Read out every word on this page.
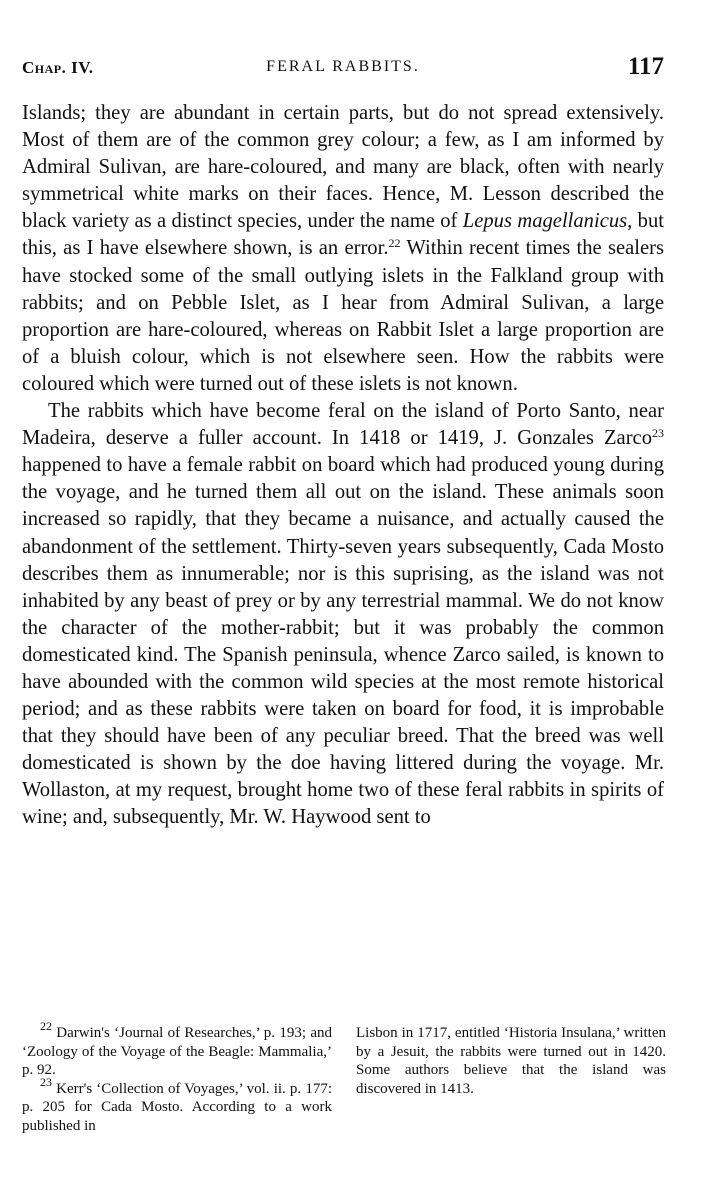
Chap. IV.	FERAL RABBITS.	117

Islands; they are abundant in certain parts, but do not spread extensively. Most of them are of the common grey colour; a few, as I am informed by Admiral Sulivan, are hare-coloured, and many are black, often with nearly symmetrical white marks on their faces. Hence, M. Lesson described the black variety as a distinct species, under the name of Lepus magellanicus, but this, as I have elsewhere shown, is an error.$^{22}$ Within recent times the sealers have stocked some of the small outlying islets in the Falkland group with rabbits; and on Pebble Islet, as I hear from Admiral Sulivan, a large proportion are hare-coloured, whereas on Rabbit Islet a large proportion are of a bluish colour, which is not elsewhere seen. How the rabbits were coloured which were turned out of these islets is not known.

The rabbits which have become feral on the island of Porto Santo, near Madeira, deserve a fuller account. In 1418 or 1419, J. Gonzales Zarco$^{23}$ happened to have a female rabbit on board which had produced young during the voyage, and he turned them all out on the island. These animals soon increased so rapidly, that they became a nuisance, and actually caused the abandonment of the settlement. Thirty-seven years subsequently, Cada Mosto describes them as innumerable; nor is this suprising, as the island was not inhabited by any beast of prey or by any terrestrial mammal. We do not know the character of the mother-rabbit; but it was probably the common domesticated kind. The Spanish peninsula, whence Zarco sailed, is known to have abounded with the common wild species at the most remote historical period; and as these rabbits were taken on board for food, it is improbable that they should have been of any peculiar breed. That the breed was well domesticated is shown by the doe having littered during the voyage. Mr. Wollaston, at my request, brought home two of these feral rabbits in spirits of wine; and, subsequently, Mr. W. Haywood sent to

$^{22}$ Darwin's ‘Journal of Researches,’ p. 193; and ‘Zoology of the Voyage of the Beagle: Mammalia,’ p. 92.

$^{23}$ Kerr's ‘Collection of Voyages,’ vol. ii. p. 177: p. 205 for Cada Mosto. According to a work published in

Lisbon in 1717, entitled ‘Historia Insulana,’ written by a Jesuit, the rabbits were turned out in 1420. Some authors believe that the island was discovered in 1413.
